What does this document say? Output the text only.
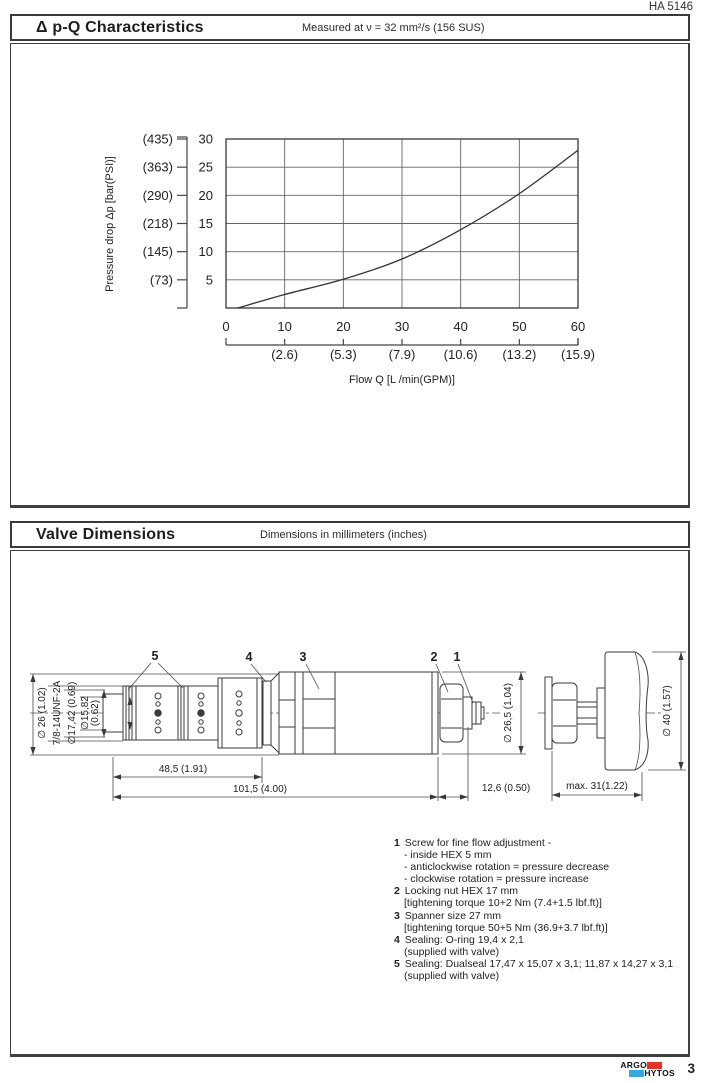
HA 5146
Δ p-Q Characteristics	Measured at ν = 32 mm²/s (156 SUS)
0	10	20	30	40	50	60
(2.6) (5.3) (7.9) (10.6) (13.2) (15.9)
5
(73)
10
(145)
15
(218)
20
(290)
25
(363)
30
(435)
Flow Q [L /min(GPM)]
Pressure drop Δp [bar(PSI)]
Valve Dimensions	Dimensions in millimeters (inches)
1 Screw for fine flow adjustment -
- inside HEX 5 mm
- anticlockwise rotation = pressure decrease
- clockwise rotation = pressure increase
2 Locking nut HEX 17 mm
[tightening torque 10+2 Nm (7.4+1.5 lbf.ft)]
3 Spanner size 27 mm
[tightening torque 50+5 Nm (36.9+3.7 lbf.ft)]
4 Sealing: O-ring 19,4 x 2,1
(supplied with valve)
5 Sealing: Dualseal 17,47 x 15,07 x 3,1; 11,87 x 14,27 x 3,1
(supplied with valve)
∅ 26 (1.02) 7/8-14UNF-2A ∅17,42 (0.69) ∅15,82 (0.62)
5	4	3	2 1
48,5 (1.91)
101,5 (4.00)	12,6 (0.50)
∅ 26,5 (1.04)	∅ 40 (1.57)
max. 31(1.22)
ARGO
HYTOS 3
